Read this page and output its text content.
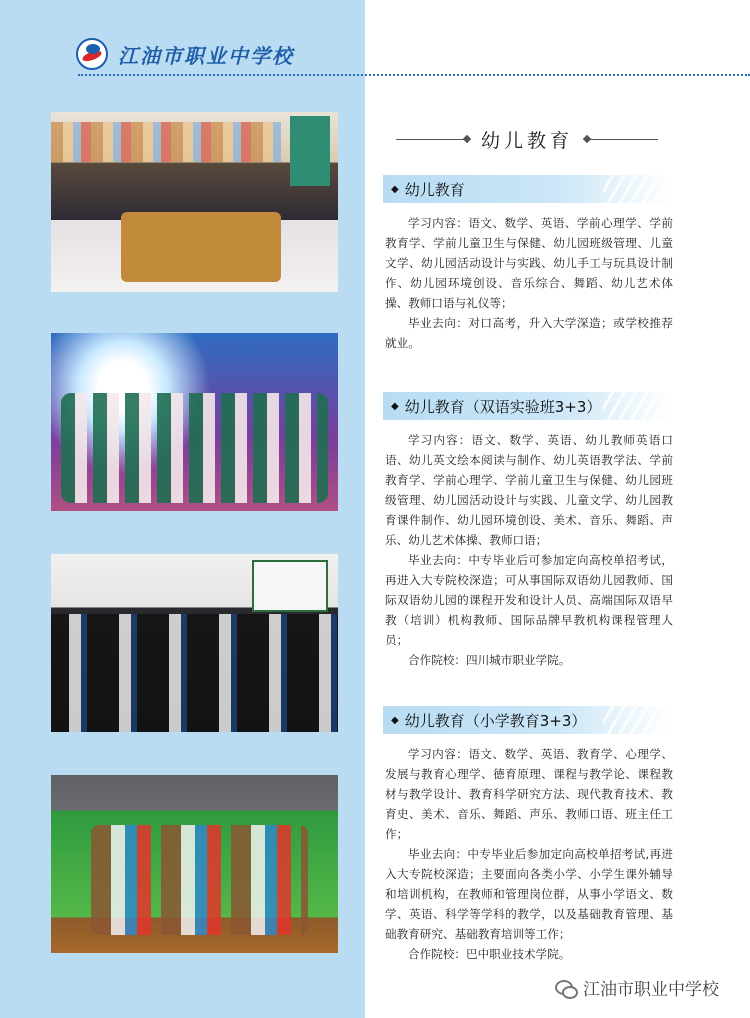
江油市职业中学校
幼儿教育
◆ 幼儿教育

学习内容：语文、数学、英语、学前心理学、学前教育学、学前儿童卫生与保健、幼儿园班级管理、儿童文学、幼儿园活动设计与实践、幼儿手工与玩具设计制作、幼儿园环境创设、音乐综合、舞蹈、幼儿艺术体操、教师口语与礼仪等；

毕业去向：对口高考，升入大学深造；或学校推荐就业。

◆ 幼儿教育（双语实验班3+3）

学习内容：语文、数学、英语、幼儿教师英语口语、幼儿英文绘本阅读与制作、幼儿英语教学法、学前教育学、学前心理学、学前儿童卫生与保健、幼儿园班级管理、幼儿园活动设计与实践、儿童文学、幼儿园教育课件制作、幼儿园环境创设、美术、音乐、舞蹈、声乐、幼儿艺术体操、教师口语；

毕业去向：中专毕业后可参加定向高校单招考试，再进入大专院校深造；可从事国际双语幼儿园教师、国际双语幼儿园的课程开发和设计人员、高端国际双语早教（培训）机构教师、国际品牌早教机构课程管理人员；

合作院校：四川城市职业学院。

◆ 幼儿教育（小学教育3+3）

学习内容：语文、数学、英语、教育学、心理学、发展与教育心理学、德育原理、课程与教学论、课程教材与教学设计、教育科学研究方法、现代教育技术、教育史、美术、音乐、舞蹈、声乐、教师口语、班主任工作；

毕业去向：中专毕业后参加定向高校单招考试,再进入大专院校深造；主要面向各类小学、小学生课外辅导和培训机构，在教师和管理岗位群，从事小学语文、数学、英语、科学等学科的教学，以及基础教育管理、基础教育研究、基础教育培训等工作；

合作院校：巴中职业技术学院。

江油市职业中学校
